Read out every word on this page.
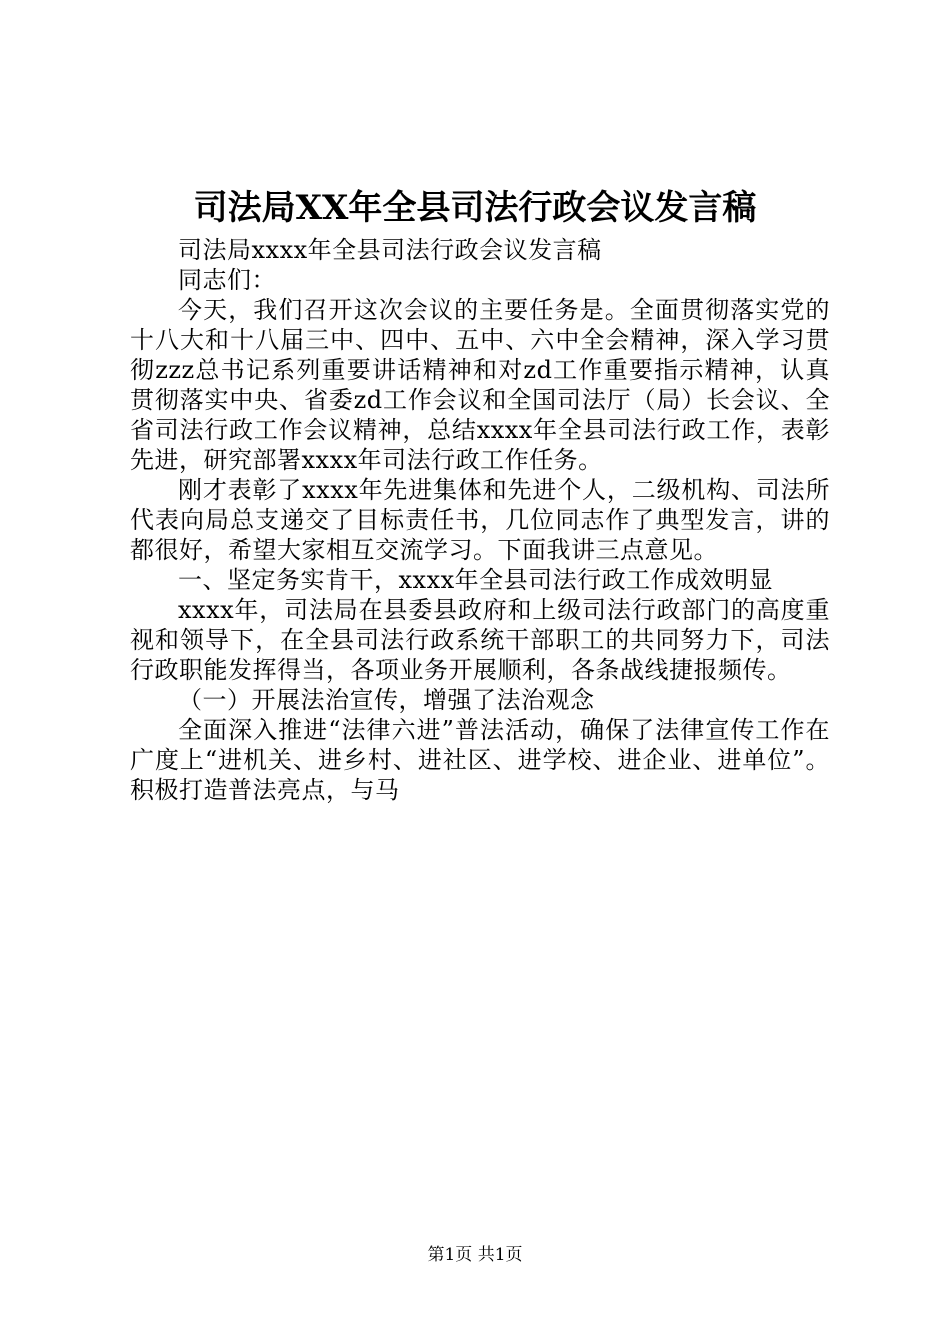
司法局XX年全县司法行政会议发言稿

司法局xxxx年全县司法行政会议发言稿

同志们：

今天，我们召开这次会议的主要任务是。全面贯彻落实党的十八大和十八届三中、四中、五中、六中全会精神，深入学习贯彻zzz总书记系列重要讲话精神和对zd工作重要指示精神，认真贯彻落实中央、省委zd工作会议和全国司法厅（局）长会议、全省司法行政工作会议精神，总结xxxx年全县司法行政工作，表彰先进，研究部署xxxx年司法行政工作任务。

刚才表彰了xxxx年先进集体和先进个人，二级机构、司法所代表向局总支递交了目标责任书，几位同志作了典型发言，讲的都很好，希望大家相互交流学习。下面我讲三点意见。

一、坚定务实肯干，xxxx年全县司法行政工作成效明显

xxxx年，司法局在县委县政府和上级司法行政部门的高度重视和领导下，在全县司法行政系统干部职工的共同努力下，司法行政职能发挥得当，各项业务开展顺利，各条战线捷报频传。

（一）开展法治宣传，增强了法治观念

全面深入推进“法律六进”普法活动，确保了法律宣传工作在广度上“进机关、进乡村、进社区、进学校、进企业、进单位”。积极打造普法亮点，与马

第1页 共1页
